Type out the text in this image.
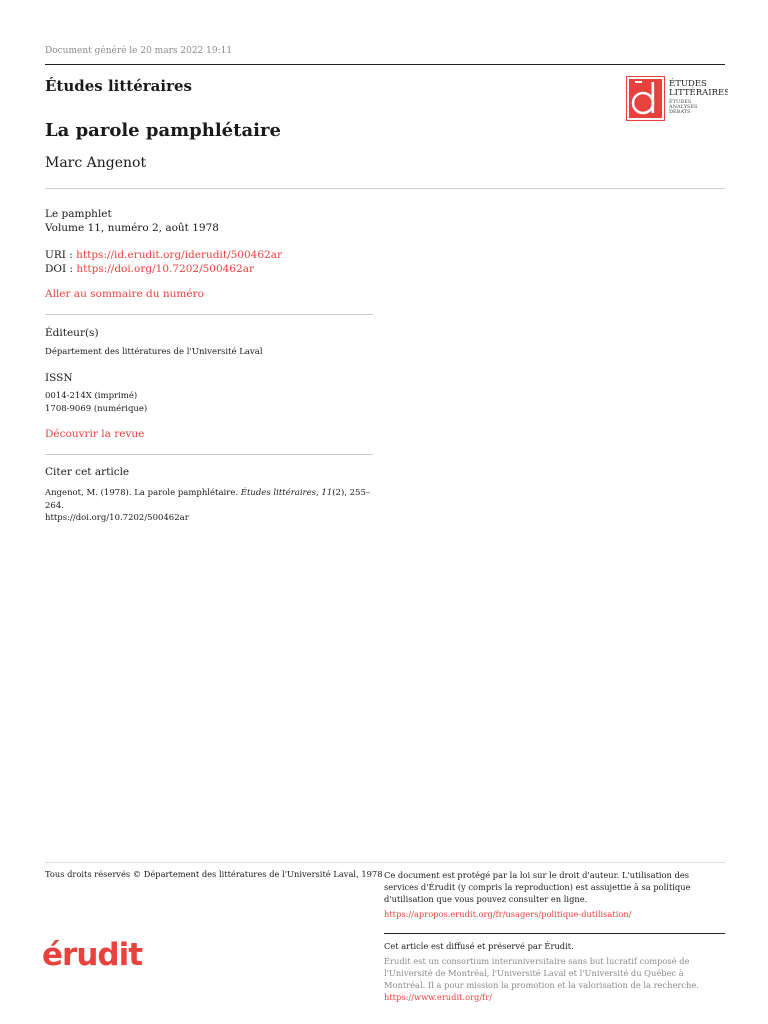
Document généré le 20 mars 2022 19:11
Études littéraires	ÉTUDES
LITTÉRAIRES
ÉTUDES
ANALYSES
DÉBATS
La parole pamphlétaire
Marc Angenot
Le pamphlet
Volume 11, numéro 2, août 1978
URI : https://id.erudit.org/iderudit/500462ar
DOI : https://doi.org/10.7202/500462ar
Aller au sommaire du numéro
Éditeur(s)
Département des littératures de l'Université Laval
ISSN
0014-214X (imprimé)
1708-9069 (numérique)
Découvrir la revue
Citer cet article
Angenot, M. (1978). La parole pamphlétaire. Études littéraires, 11(2), 255–264.
https://doi.org/10.7202/500462ar
Tous droits réservés © Département des littératures de l'Université Laval, 1978 Ce document est protégé par la loi sur le droit d'auteur. L'utilisation des services d'Érudit (y compris la reproduction) est assujettie à sa politique d'utilisation que vous pouvez consulter en ligne.
https://apropos.erudit.org/fr/usagers/politique-dutilisation/
érudit	Cet article est diffusé et préservé par Érudit.
Érudit est un consortium interuniversitaire sans but lucratif composé de l'Université de Montréal, l'Université Laval et l'Université du Québec à Montréal. Il a pour mission la promotion et la valorisation de la recherche.
https://www.erudit.org/fr/
